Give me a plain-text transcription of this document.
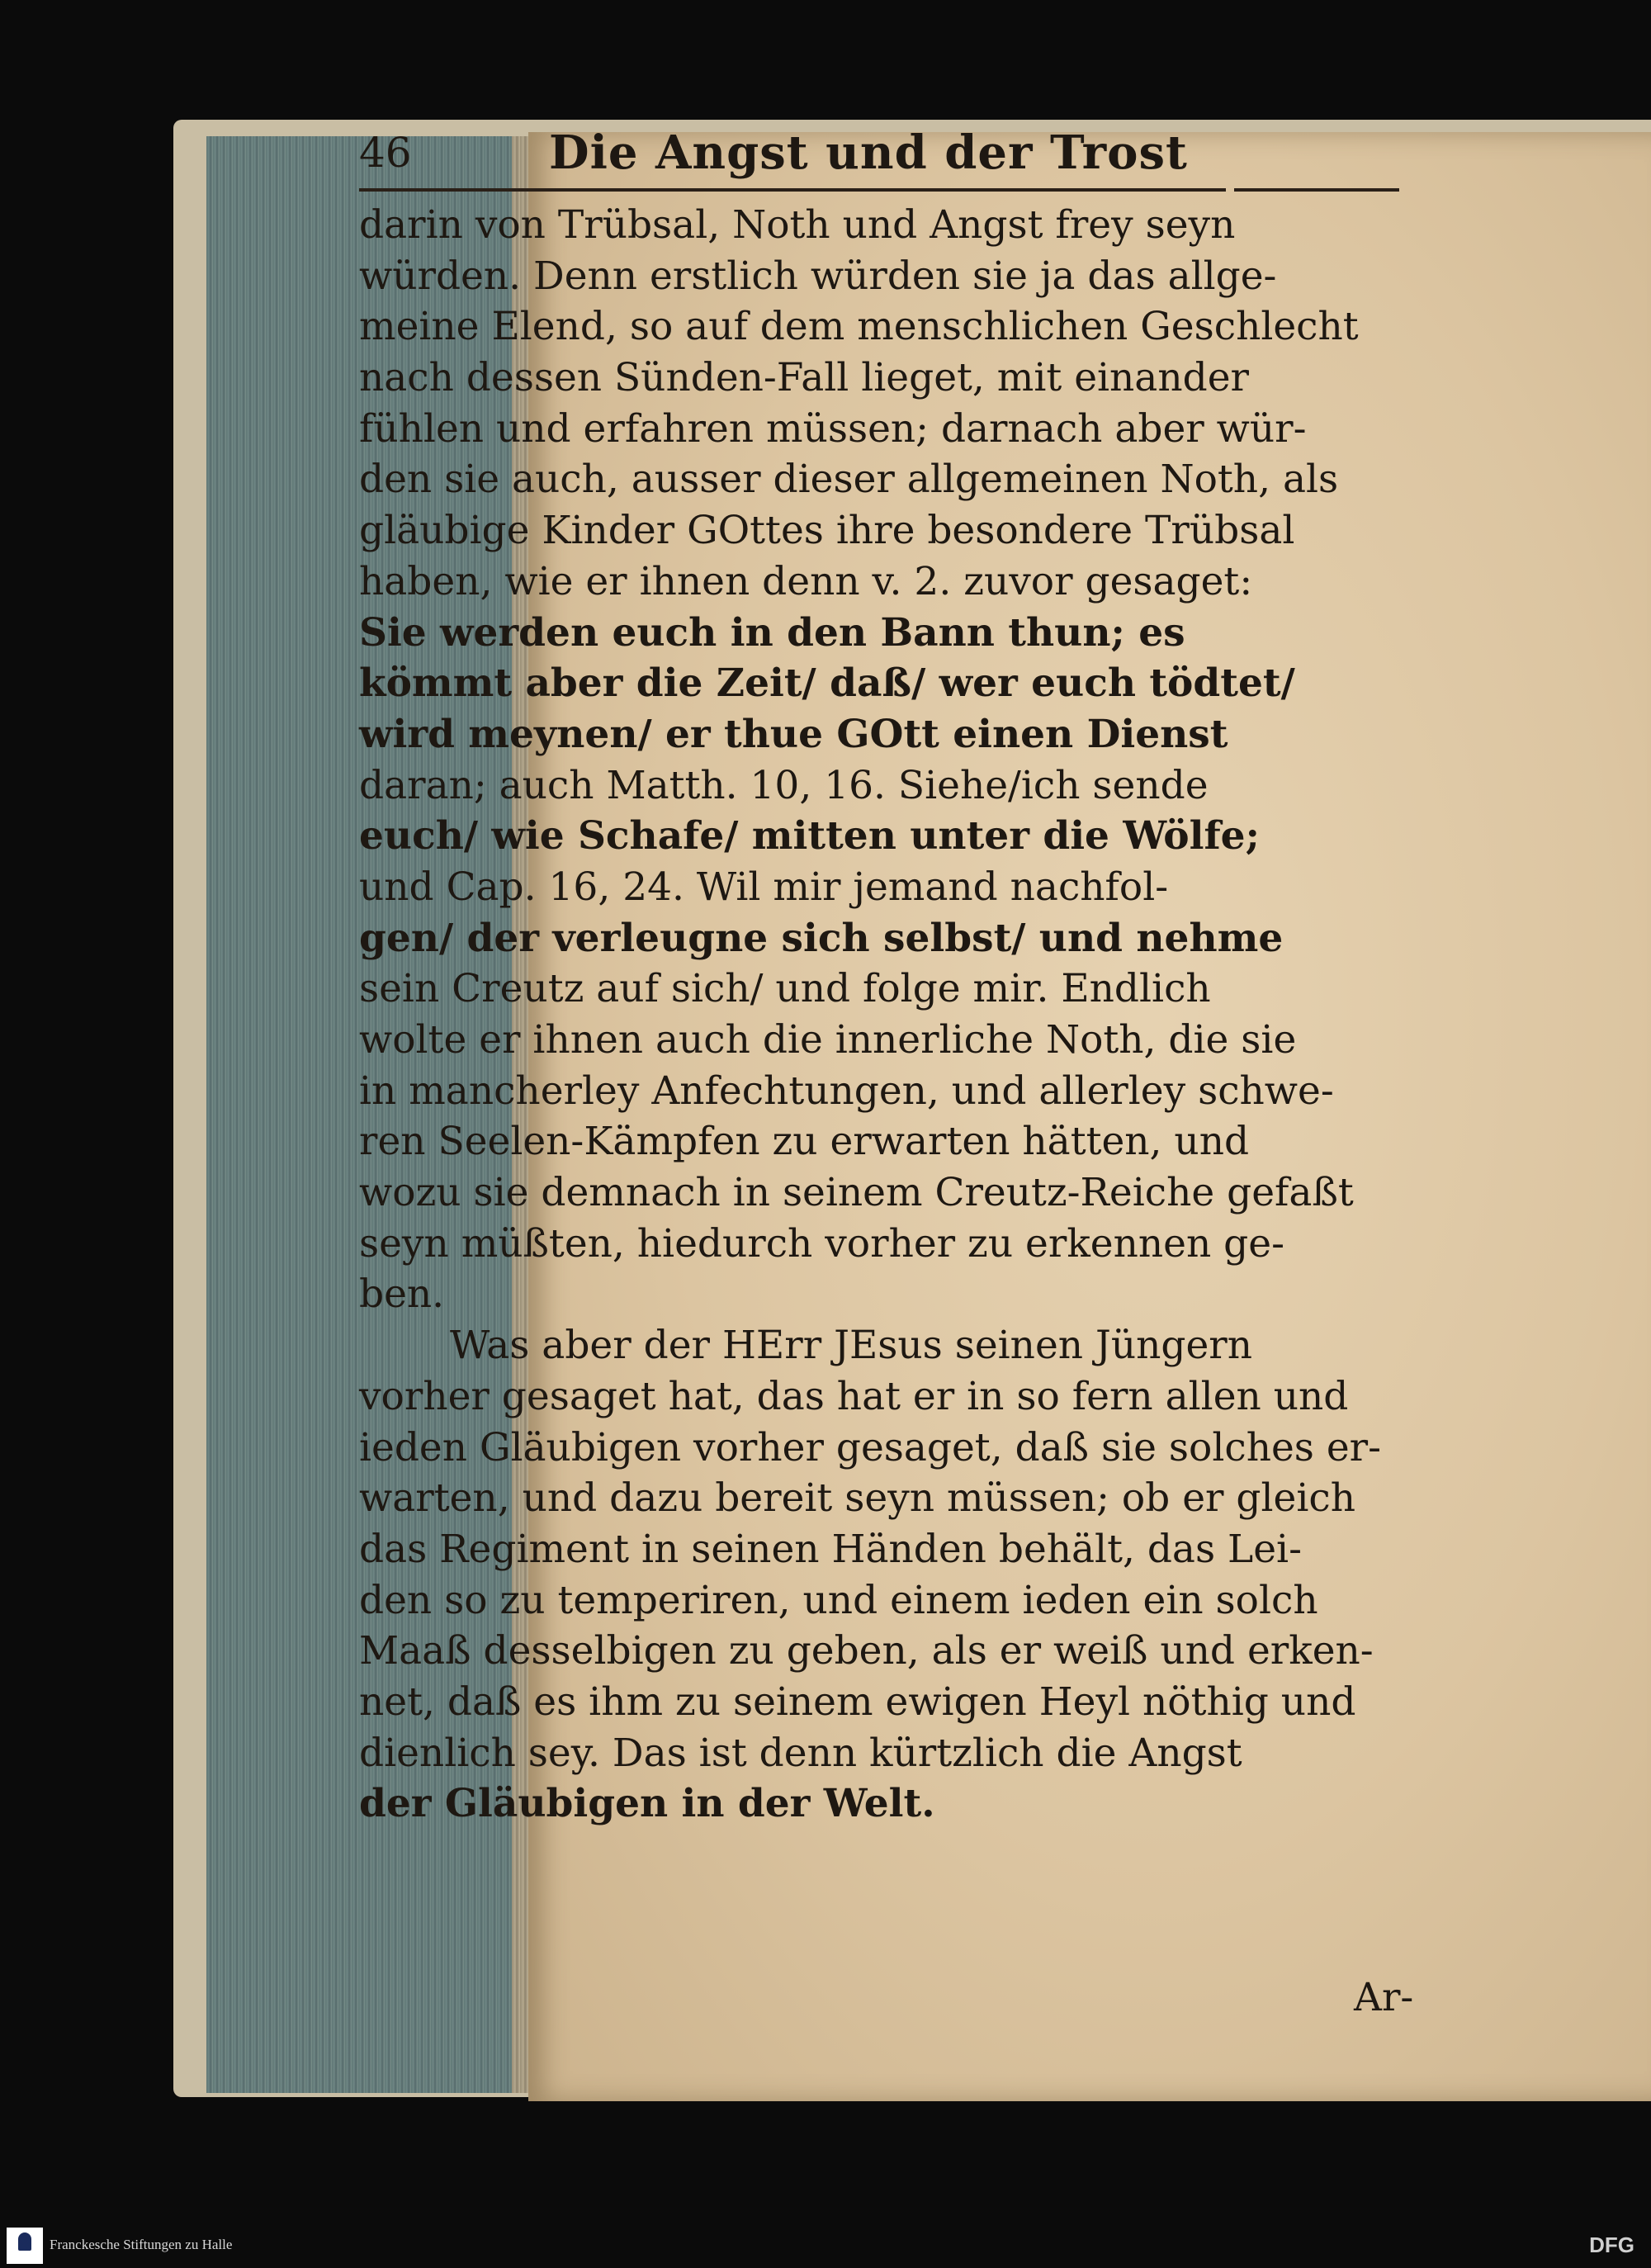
46	Die Angst und der Trost
darin von Trübsal, Noth und Angst frey seyn
würden. Denn erstlich würden sie ja das allge-
meine Elend, so auf dem menschlichen Geschlecht
nach dessen Sünden-Fall lieget, mit einander
fühlen und erfahren müssen; darnach aber wür-
den sie auch, ausser dieser allgemeinen Noth, als
gläubige Kinder GOttes ihre besondere Trübsal
haben, wie er ihnen denn v. 2. zuvor gesaget:
Sie werden euch in den Bann thun; es
kömmt aber die Zeit/ daß/ wer euch tödtet/
wird meynen/ er thue GOtt einen Dienst
daran; auch Matth. 10, 16. Siehe/ich sende
euch/ wie Schafe/ mitten unter die Wölfe;
und Cap. 16, 24. Wil mir jemand nachfol-
gen/ der verleugne sich selbst/ und nehme
sein Creutz auf sich/ und folge mir. Endlich
wolte er ihnen auch die innerliche Noth, die sie
in mancherley Anfechtungen, und allerley schwe-
ren Seelen-Kämpfen zu erwarten hätten, und
wozu sie demnach in seinem Creutz-Reiche gefaßt
seyn müßten, hiedurch vorher zu erkennen ge-
ben.
Was aber der HErr JEsus seinen Jüngern
vorher gesaget hat, das hat er in so fern allen und
ieden Gläubigen vorher gesaget, daß sie solches er-
warten, und dazu bereit seyn müssen; ob er gleich
das Regiment in seinen Händen behält, das Lei-
den so zu temperiren, und einem ieden ein solch
Maaß desselbigen zu geben, als er weiß und erken-
net, daß es ihm zu seinem ewigen Heyl nöthig und
dienlich sey. Das ist denn kürtzlich die Angst
der Gläubigen in der Welt.
Ar-
Franckesche Stiftungen zu Halle	DFG
